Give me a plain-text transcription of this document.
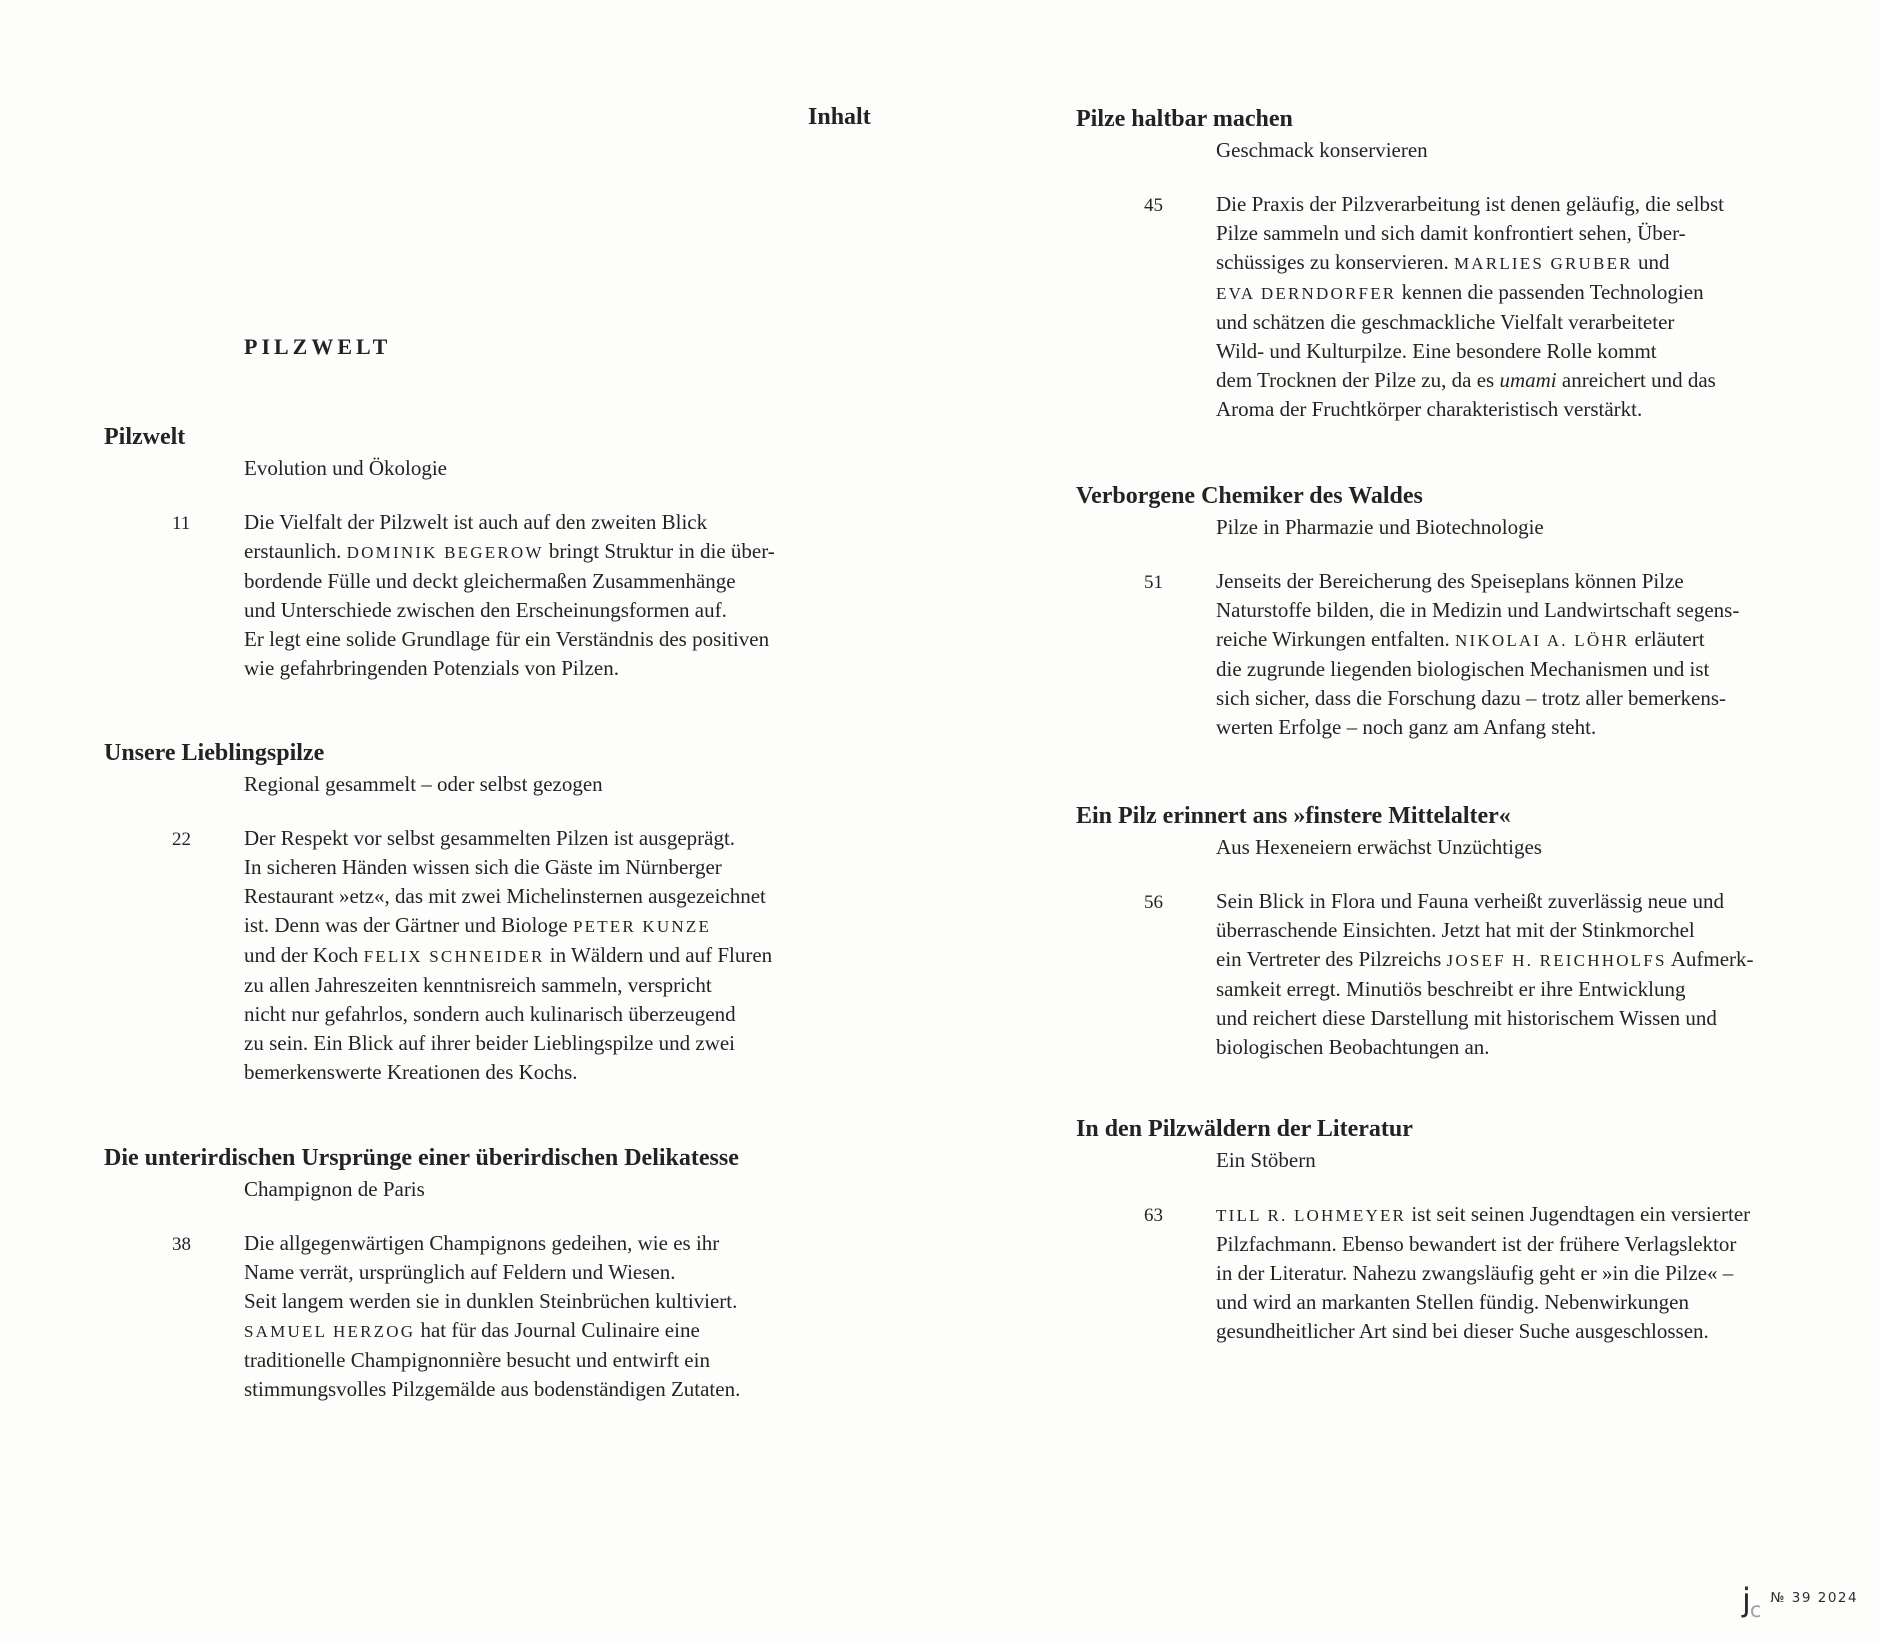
Inhalt
PILZWELT
Pilzwelt
Evolution und Ökologie
11	Die Vielfalt der Pilzwelt ist auch auf den zweiten Blick
erstaunlich. DOMINIK BEGEROW bringt Struktur in die über-
bordende Fülle und deckt gleichermaßen Zusammenhänge
und Unterschiede zwischen den Erscheinungsformen auf.
Er legt eine solide Grundlage für ein Verständnis des positiven
wie gefahrbringenden Potenzials von Pilzen.
Unsere Lieblingspilze
Regional gesammelt – oder selbst gezogen
22	Der Respekt vor selbst gesammelten Pilzen ist ausgeprägt.
In sicheren Händen wissen sich die Gäste im Nürnberger
Restaurant »etz«, das mit zwei Michelinsternen ausgezeichnet
ist. Denn was der Gärtner und Biologe PETER KUNZE
und der Koch FELIX SCHNEIDER in Wäldern und auf Fluren
zu allen Jahreszeiten kenntnisreich sammeln, verspricht
nicht nur gefahrlos, sondern auch kulinarisch überzeugend
zu sein. Ein Blick auf ihrer beider Lieblingspilze und zwei
bemerkenswerte Kreationen des Kochs.
Die unterirdischen Ursprünge einer überirdischen Delikatesse
Champignon de Paris
38	Die allgegenwärtigen Champignons gedeihen, wie es ihr
Name verrät, ursprünglich auf Feldern und Wiesen.
Seit langem werden sie in dunklen Steinbrüchen kultiviert.
SAMUEL HERZOG hat für das Journal Culinaire eine
traditionelle Champignonnière besucht und entwirft ein
stimmungsvolles Pilzgemälde aus bodenständigen Zutaten.
Pilze haltbar machen
Geschmack konservieren
45	Die Praxis der Pilzverarbeitung ist denen geläufig, die selbst
Pilze sammeln und sich damit konfrontiert sehen, Über-
schüssiges zu konservieren. MARLIES GRUBER und
EVA DERNDORFER kennen die passenden Technologien
und schätzen die geschmackliche Vielfalt verarbeiteter
Wild- und Kulturpilze. Eine besondere Rolle kommt
dem Trocknen der Pilze zu, da es umami anreichert und das
Aroma der Fruchtkörper charakteristisch verstärkt.
Verborgene Chemiker des Waldes
Pilze in Pharmazie und Biotechnologie
51	Jenseits der Bereicherung des Speiseplans können Pilze
Naturstoffe bilden, die in Medizin und Landwirtschaft segens-
reiche Wirkungen entfalten. NIKOLAI A. LÖHR erläutert
die zugrunde liegenden biologischen Mechanismen und ist
sich sicher, dass die Forschung dazu – trotz aller bemerkens-
werten Erfolge – noch ganz am Anfang steht.
Ein Pilz erinnert ans »finstere Mittelalter«
Aus Hexeneiern erwächst Unzüchtiges
56	Sein Blick in Flora und Fauna verheißt zuverlässig neue und
überraschende Einsichten. Jetzt hat mit der Stinkmorchel
ein Vertreter des Pilzreichs JOSEF H. REICHHOLFS Aufmerk-
samkeit erregt. Minutiös beschreibt er ihre Entwicklung
und reichert diese Darstellung mit historischem Wissen und
biologischen Beobachtungen an.
In den Pilzwäldern der Literatur
Ein Stöbern
63	TILL R. LOHMEYER ist seit seinen Jugendtagen ein versierter
Pilzfachmann. Ebenso bewandert ist der frühere Verlagslektor
in der Literatur. Nahezu zwangsläufig geht er »in die Pilze« –
und wird an markanten Stellen fündig. Nebenwirkungen
gesundheitlicher Art sind bei dieser Suche ausgeschlossen.
jc $^{№ 39 2024}$
